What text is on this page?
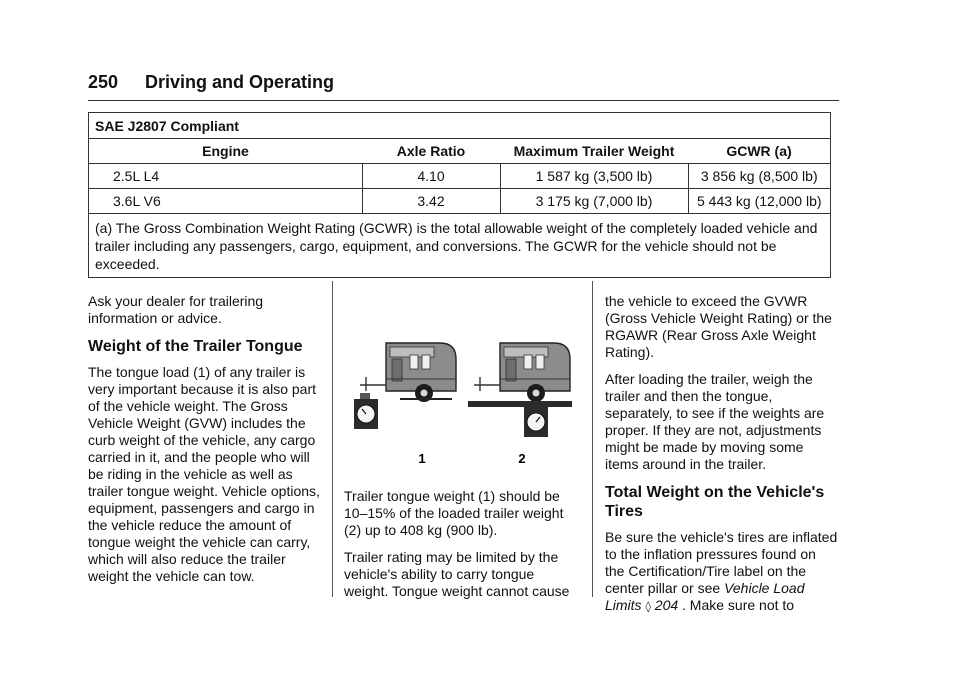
250 Driving and Operating
SAE J2807 Compliant
Engine	Axle Ratio	Maximum Trailer Weight	GCWR (a)
2.5L L4	4.10	1 587 kg (3,500 lb)	3 856 kg (8,500 lb)
3.6L V6	3.42	3 175 kg (7,000 lb)	5 443 kg (12,000 lb)
(a) The Gross Combination Weight Rating (GCWR) is the total allowable weight of the completely loaded vehicle and trailer including any passengers, cargo, equipment, and conversions. The GCWR for the vehicle should not be exceeded.

Ask your dealer for trailering information or advice.

Weight of the Trailer Tongue

The tongue load (1) of any trailer is very important because it is also part of the vehicle weight. The Gross Vehicle Weight (GVW) includes the curb weight of the vehicle, any cargo carried in it, and the people who will be riding in the vehicle as well as trailer tongue weight. Vehicle options, equipment, passengers and cargo in the vehicle reduce the amount of tongue weight the vehicle can carry, which will also reduce the trailer weight the vehicle can tow.

1	2

Trailer tongue weight (1) should be 10–15% of the loaded trailer weight (2) up to 408 kg (900 lb).

Trailer rating may be limited by the vehicle's ability to carry tongue weight. Tongue weight cannot cause

the vehicle to exceed the GVWR (Gross Vehicle Weight Rating) or the RGAWR (Rear Gross Axle Weight Rating).

After loading the trailer, weigh the trailer and then the tongue, separately, to see if the weights are proper. If they are not, adjustments might be made by moving some items around in the trailer.

Total Weight on the Vehicle's Tires

Be sure the vehicle's tires are inflated to the inflation pressures found on the Certification/Tire label on the center pillar or see Vehicle Load Limits ◊ 204 . Make sure not to
